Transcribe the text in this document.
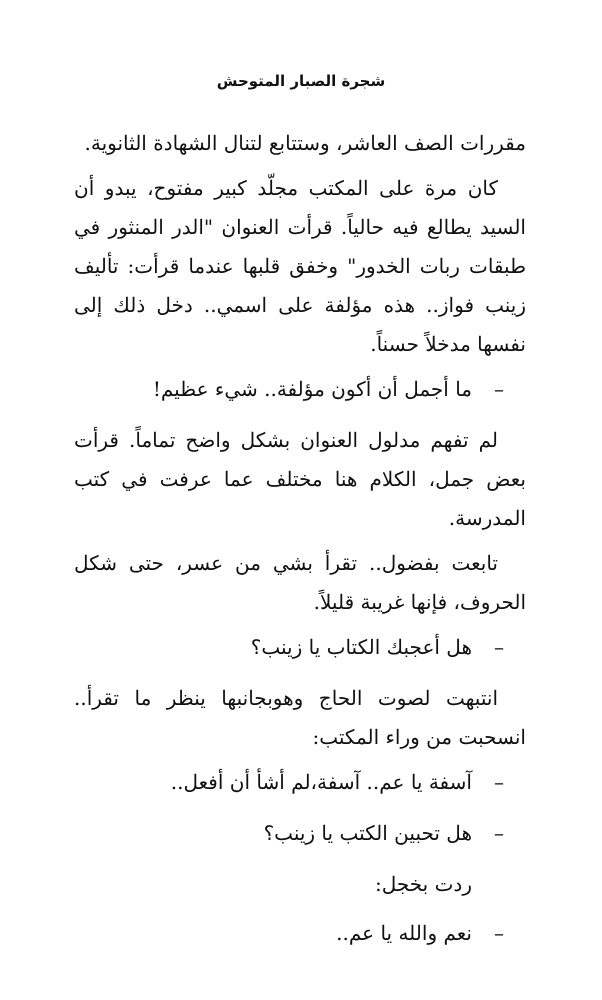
شجرة الصبار المتوحش

مقررات الصف العاشر، وستتابع لتنال الشهادة الثانوية.

كان مرة على المكتب مجلّد كبير مفتوح، يبدو أن السيد يطالع فيه حالياً. قرأت العنوان "الدر المنثور في طبقات ربات الخدور" وخفق قلبها عندما قرأت: تأليف زينب فواز.. هذه مؤلفة على اسمي.. دخل ذلك إلى نفسها مدخلاً حسناً.

–
ما أجمل أن أكون مؤلفة.. شيء عظيم!

لم تفهم مدلول العنوان بشكل واضح تماماً. قرأت بعض جمل، الكلام هنا مختلف عما عرفت في كتب المدرسة.

تابعت بفضول.. تقرأ بشي من عسر، حتى شكل الحروف، فإنها غريبة قليلاً.

–
هل أعجبك الكتاب يا زينب؟

انتبهت لصوت الحاج وهوبجانبها ينظر ما تقرأ.. انسحبت من وراء المكتب:

–
آسفة يا عم.. آسفة،لم أشأ أن أفعل..
–
هل تحبين الكتب يا زينب؟

ردت بخجل:

–
نعم والله يا عم..
